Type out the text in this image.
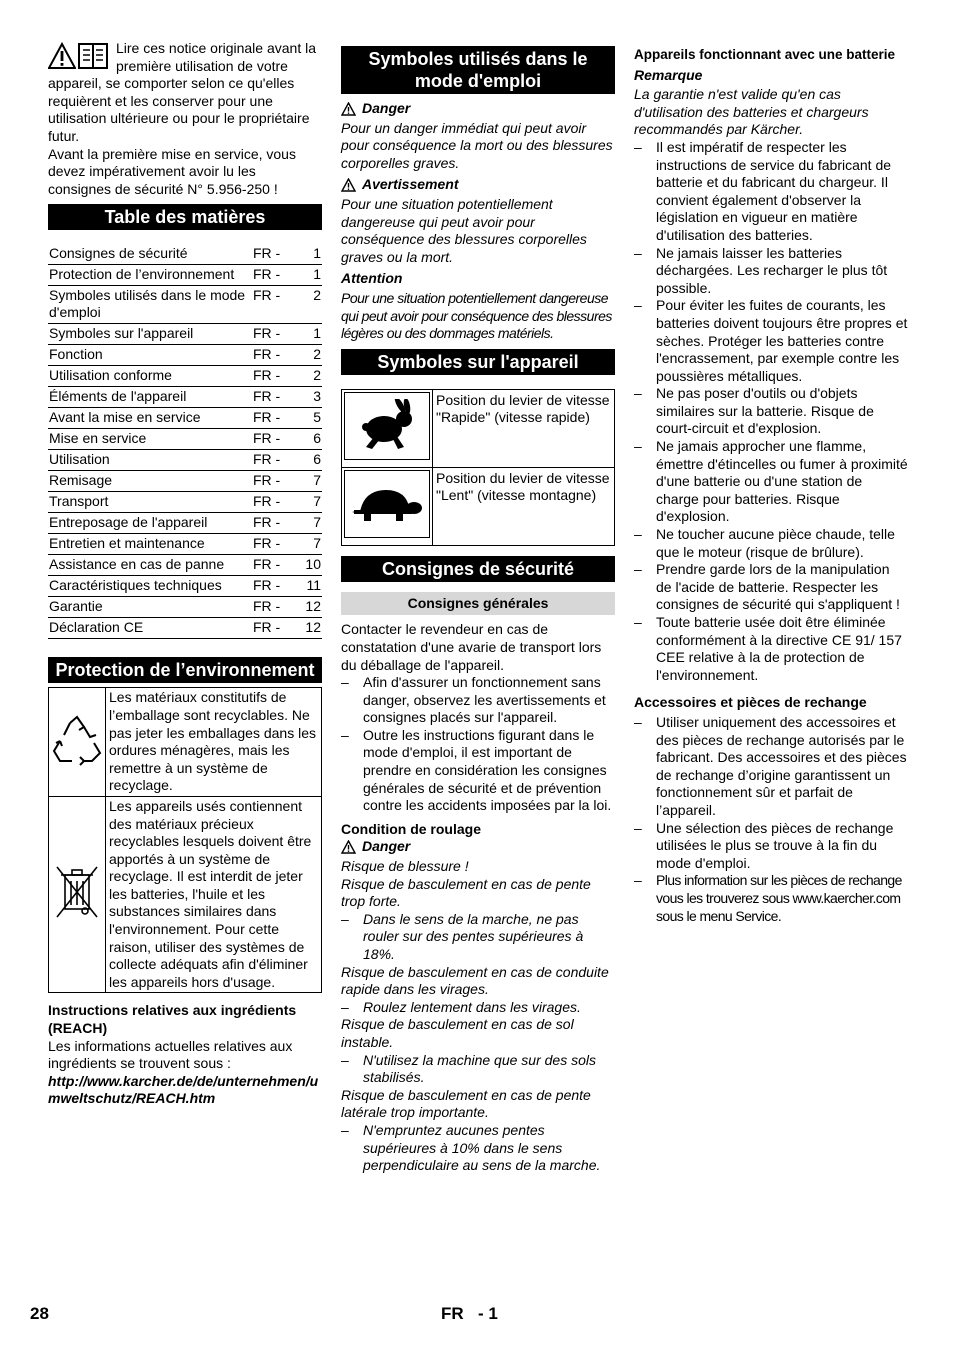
Lire ces notice originale avant la première utilisation de votre appareil, se comporter selon ce qu'elles requièrent et les conserver pour une utilisation ultérieure ou pour le propriétaire futur.

Avant la première mise en service, vous devez impérativement avoir lu les consignes de sécurité N° 5.956-250 !

Table des matières
Consignes de sécurité	FR -	1
Protection de l’environnement	FR -	1
Symboles utilisés dans le mode d'emploi	FR -	2
Symboles sur l'appareil	FR -	1
Fonction	FR -	2
Utilisation conforme	FR -	2
Éléments de l'appareil	FR -	3
Avant la mise en service	FR -	5
Mise en service	FR -	6
Utilisation	FR -	6
Remisage	FR -	7
Transport	FR -	7
Entreposage de l'appareil	FR -	7
Entretien et maintenance	FR -	7
Assistance en cas de panne	FR -	10
Caractéristiques techniques	FR -	11
Garantie	FR -	12
Déclaration CE	FR -	12
Protection de l’environnement
	Les matériaux constitutifs de l’emballage sont recyclables. Ne pas jeter les emballages dans les ordures ménagères, mais les remettre à un système de recyclage.
	Les appareils usés contiennent des matériaux précieux recyclables lesquels doivent être apportés à un système de recyclage. Il est interdit de jeter les batteries, l'huile et les substances similaires dans l'environnement. Pour cette raison, utiliser des systèmes de collecte adéquats afin d'éliminer les appareils hors d'usage.

Instructions relatives aux ingrédients (REACH)

Les informations actuelles relatives aux ingrédients se trouvent sous :

http://www.karcher.de/de/unternehmen/umweltschutz/REACH.htm

Symboles utilisés dans le mode d'emploi
Danger

Pour un danger immédiat qui peut avoir pour conséquence la mort ou des blessures corporelles graves.

Avertissement

Pour une situation potentiellement dangereuse qui peut avoir pour conséquence des blessures corporelles graves ou la mort.

Attention

Pour une situation potentiellement dangereuse qui peut avoir pour conséquence des blessures légères ou des dommages matériels.

Symboles sur l'appareil
	Position du levier de vitesse "Rapide" (vitesse rapide)

	Position du levier de vitesse "Lent" (vitesse montagne)
Consignes de sécurité
Consignes générales

Contacter le revendeur en cas de constatation d'une avarie de transport lors du déballage de l'appareil.

–	Afin d'assurer un fonctionnement sans danger, observez les avertissements et consignes placés sur l'appareil.
–	Outre les instructions figurant dans le mode d'emploi, il est important de prendre en considération les consignes générales de sécurité et de prévention contre les accidents imposées par la loi.

Condition de roulage

Danger

Risque de blessure !

Risque de basculement en cas de pente trop forte.

–	Dans le sens de la marche, ne pas rouler sur des pentes supérieures à 18%.

Risque de basculement en cas de conduite rapide dans les virages.

–	Roulez lentement dans les virages.

Risque de basculement en cas de sol instable.

–	N'utilisez la machine que sur des sols stabilisés.

Risque de basculement en cas de pente latérale trop importante.

–	N'empruntez aucunes pentes supérieures à 10% dans le sens perpendiculaire au sens de la marche.

Appareils fonctionnant avec une batterie

Remarque

La garantie n'est valide qu'en cas d'utilisation des batteries et chargeurs recommandés par Kärcher.

–	Il est impératif de respecter les instructions de service du fabricant de batterie et du fabricant du chargeur. Il convient également d'observer la législation en vigueur en matière d'utilisation des batteries.
–	Ne jamais laisser les batteries déchargées. Les recharger le plus tôt possible.
–	Pour éviter les fuites de courants, les batteries doivent toujours être propres et sèches. Protéger les batteries contre l'encrassement, par exemple contre les poussières métalliques.
–	Ne pas poser d'outils ou d'objets similaires sur la batterie. Risque de court-circuit et d'explosion.
–	Ne jamais approcher une flamme, émettre d'étincelles ou fumer à proximité d'une batterie ou d'une station de charge pour batteries. Risque d'explosion.
–	Ne toucher aucune pièce chaude, telle que le moteur (risque de brûlure).
–	Prendre garde lors de la manipulation de l'acide de batterie. Respecter les consignes de sécurité qui s'appliquent !
–	Toute batterie usée doit être éliminée conformément à la directive CE 91/ 157 CEE relative à la de protection de l'environnement.

Accessoires et pièces de rechange

–	Utiliser uniquement des accessoires et des pièces de rechange autorisés par le fabricant. Des accessoires et des pièces de rechange d’origine garantissent un fonctionnement sûr et parfait de l’appareil.
–	Une sélection des pièces de rechange utilisées le plus se trouve à la fin du mode d'emploi.
–	Plus information sur les pièces de rechange vous les trouverez sous www.kaercher.com sous le menu Service.
28	FR - 1
